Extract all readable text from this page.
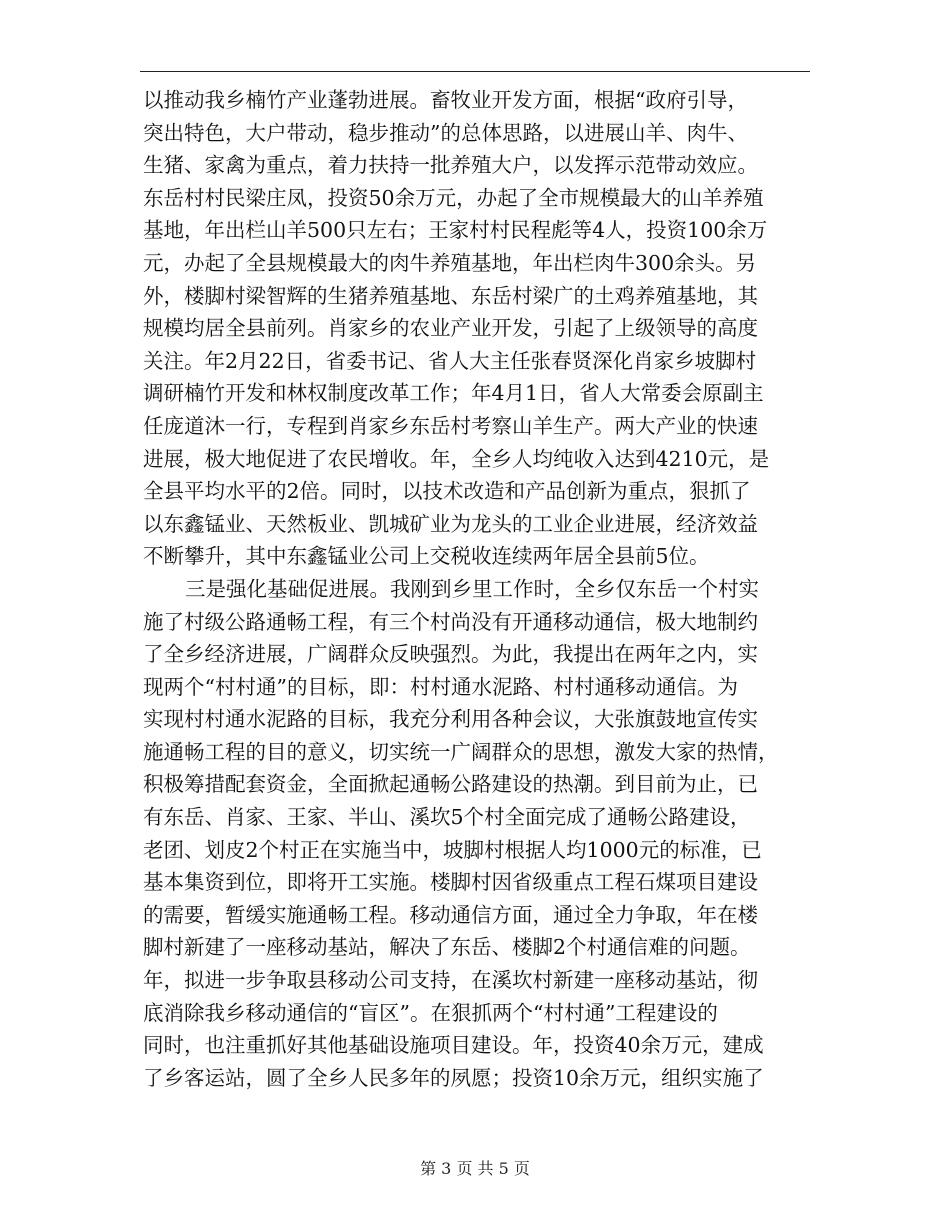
以推动我乡楠竹产业蓬勃进展。畜牧业开发方面，根据“政府引导，
突出特色，大户带动，稳步推动”的总体思路，以进展山羊、肉牛、
生猪、家禽为重点，着力扶持一批养殖大户，以发挥示范带动效应。
东岳村村民梁庄凤，投资50余万元，办起了全市规模最大的山羊养殖
基地，年出栏山羊500只左右；王家村村民程彪等4人，投资100余万
元，办起了全县规模最大的肉牛养殖基地，年出栏肉牛300余头。另
外，楼脚村梁智辉的生猪养殖基地、东岳村梁广的土鸡养殖基地，其
规模均居全县前列。肖家乡的农业产业开发，引起了上级领导的高度
关注。年2月22日，省委书记、省人大主任张春贤深化肖家乡坡脚村
调研楠竹开发和林权制度改革工作；年4月1日，省人大常委会原副主
任庞道沐一行，专程到肖家乡东岳村考察山羊生产。两大产业的快速
进展，极大地促进了农民增收。年，全乡人均纯收入达到4210元，是
全县平均水平的2倍。同时，以技术改造和产品创新为重点，狠抓了
以东鑫锰业、天然板业、凯城矿业为龙头的工业企业进展，经济效益
不断攀升，其中东鑫锰业公司上交税收连续两年居全县前5位。
三是强化基础促进展。我刚到乡里工作时，全乡仅东岳一个村实
施了村级公路通畅工程，有三个村尚没有开通移动通信，极大地制约
了全乡经济进展，广阔群众反映强烈。为此，我提出在两年之内，实
现两个“村村通”的目标，即：村村通水泥路、村村通移动通信。为
实现村村通水泥路的目标，我充分利用各种会议，大张旗鼓地宣传实
施通畅工程的目的意义，切实统一广阔群众的思想，激发大家的热情，
积极筹措配套资金，全面掀起通畅公路建设的热潮。到目前为止，已
有东岳、肖家、王家、半山、溪坎5个村全面完成了通畅公路建设，
老团、划皮2个村正在实施当中，坡脚村根据人均1000元的标准，已
基本集资到位，即将开工实施。楼脚村因省级重点工程石煤项目建设
的需要，暂缓实施通畅工程。移动通信方面，通过全力争取，年在楼
脚村新建了一座移动基站，解决了东岳、楼脚2个村通信难的问题。
年，拟进一步争取县移动公司支持，在溪坎村新建一座移动基站，彻
底消除我乡移动通信的“盲区”。在狠抓两个“村村通”工程建设的
同时，也注重抓好其他基础设施项目建设。年，投资40余万元，建成
了乡客运站，圆了全乡人民多年的夙愿；投资10余万元，组织实施了
第 3 页 共 5 页
